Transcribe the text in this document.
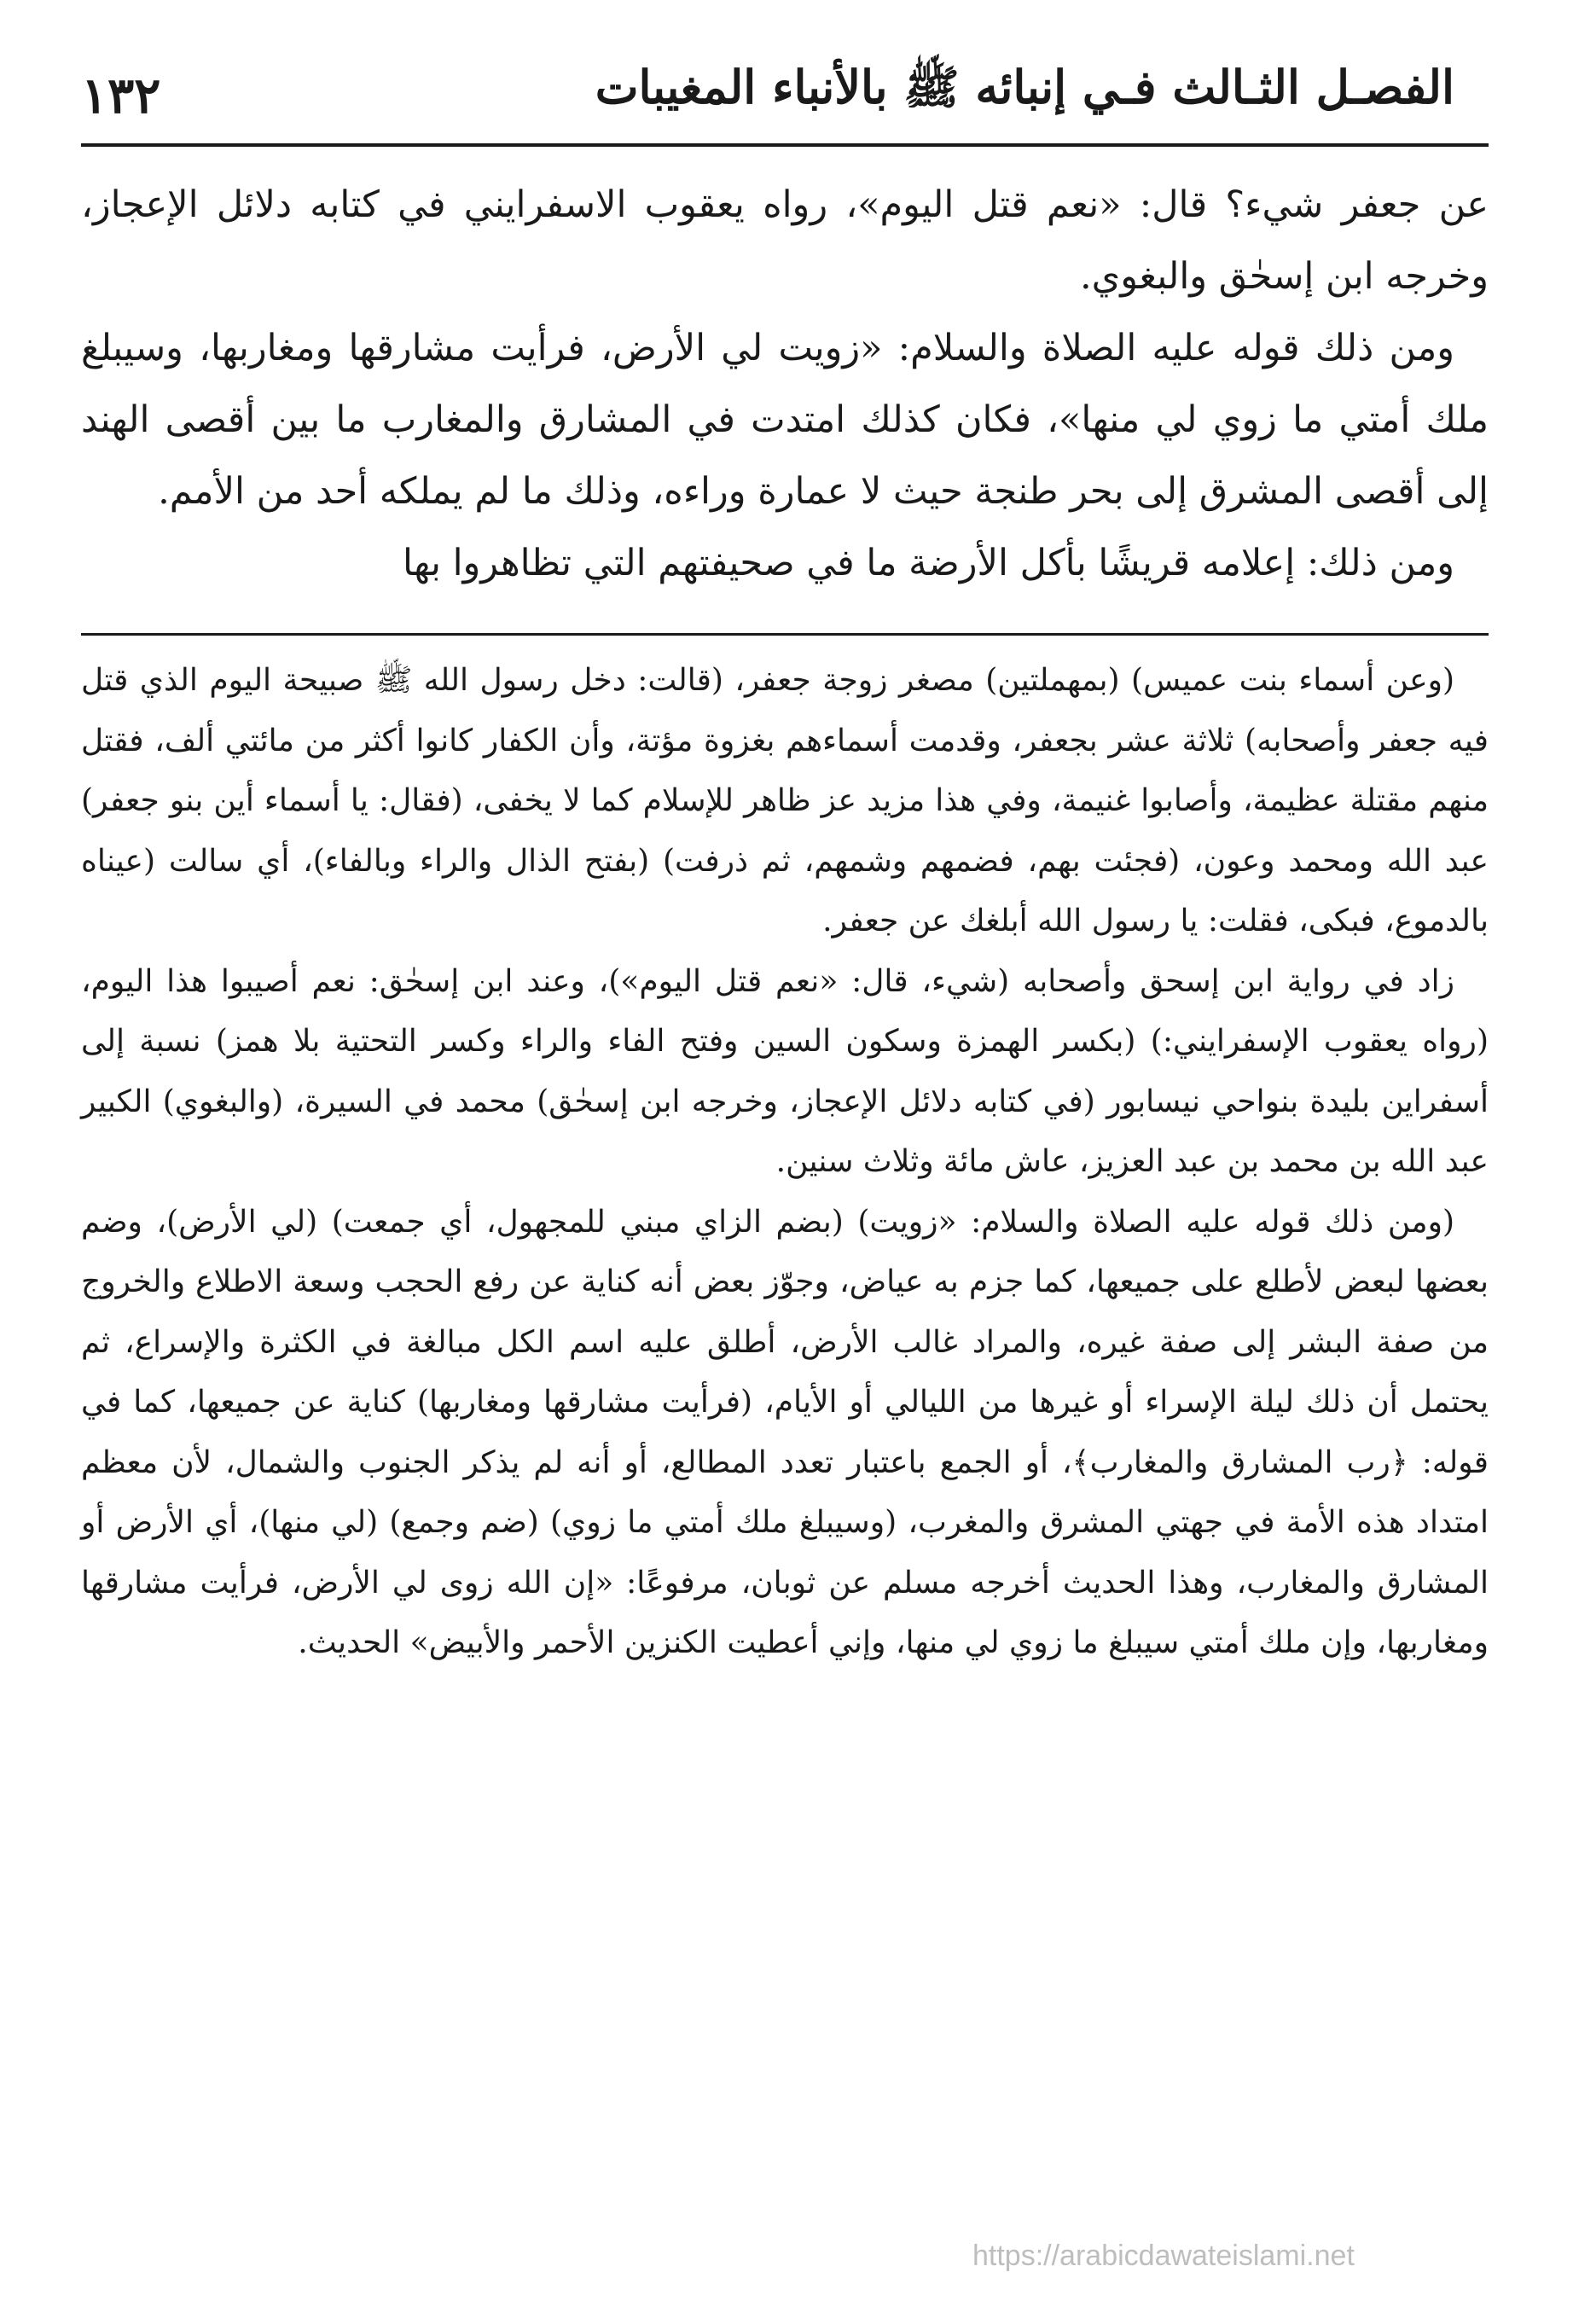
الفصـل الثـالث فـي إنبائه ﷺ بالأنباء المغيبات
١٣٢

عن جعفر شيء؟ قال: «نعم قتل اليوم»، رواه يعقوب الاسفرايني في كتابه دلائل الإعجاز، وخرجه ابن إسحٰق والبغوي.

ومن ذلك قوله عليه الصلاة والسلام: «زويت لي الأرض، فرأيت مشارقها ومغاربها، وسيبلغ ملك أمتي ما زوي لي منها»، فكان كذلك امتدت في المشارق والمغارب ما بين أقصى الهند إلى أقصى المشرق إلى بحر طنجة حيث لا عمارة وراءه، وذلك ما لم يملكه أحد من الأمم.

ومن ذلك: إعلامه قريشًا بأكل الأرضة ما في صحيفتهم التي تظاهروا بها

(وعن أسماء بنت عميس) (بمهملتين) مصغر زوجة جعفر، (قالت: دخل رسول الله ﷺ صبيحة اليوم الذي قتل فيه جعفر وأصحابه) ثلاثة عشر بجعفر، وقدمت أسماءهم بغزوة مؤتة، وأن الكفار كانوا أكثر من مائتي ألف، فقتل منهم مقتلة عظيمة، وأصابوا غنيمة، وفي هذا مزيد عز ظاهر للإسلام كما لا يخفى، (فقال: يا أسماء أين بنو جعفر) عبد الله ومحمد وعون، (فجئت بهم، فضمهم وشمهم، ثم ذرفت) (بفتح الذال والراء وبالفاء)، أي سالت (عيناه بالدموع، فبكى، فقلت: يا رسول الله أبلغك عن جعفر.

زاد في رواية ابن إسحق وأصحابه (شيء، قال: «نعم قتل اليوم»)، وعند ابن إسحٰق: نعم أصيبوا هذا اليوم، (رواه يعقوب الإسفرايني:) (بكسر الهمزة وسكون السين وفتح الفاء والراء وكسر التحتية بلا همز) نسبة إلى أسفراين بليدة بنواحي نيسابور (في كتابه دلائل الإعجاز، وخرجه ابن إسحٰق) محمد في السيرة، (والبغوي) الكبير عبد الله بن محمد بن عبد العزيز، عاش مائة وثلاث سنين.

(ومن ذلك قوله عليه الصلاة والسلام: «زويت) (بضم الزاي مبني للمجهول، أي جمعت) (لي الأرض)، وضم بعضها لبعض لأطلع على جميعها، كما جزم به عياض، وجوّز بعض أنه كناية عن رفع الحجب وسعة الاطلاع والخروج من صفة البشر إلى صفة غيره، والمراد غالب الأرض، أطلق عليه اسم الكل مبالغة في الكثرة والإسراع، ثم يحتمل أن ذلك ليلة الإسراء أو غيرها من الليالي أو الأيام، (فرأيت مشارقها ومغاربها) كناية عن جميعها، كما في قوله: ﴿رب المشارق والمغارب﴾، أو الجمع باعتبار تعدد المطالع، أو أنه لم يذكر الجنوب والشمال، لأن معظم امتداد هذه الأمة في جهتي المشرق والمغرب، (وسيبلغ ملك أمتي ما زوي) (ضم وجمع) (لي منها)، أي الأرض أو المشارق والمغارب، وهذا الحديث أخرجه مسلم عن ثوبان، مرفوعًا: «إن الله زوى لي الأرض، فرأيت مشارقها ومغاربها، وإن ملك أمتي سيبلغ ما زوي لي منها، وإني أعطيت الكنزين الأحمر والأبيض» الحديث.

https://arabicdawateislami.net
